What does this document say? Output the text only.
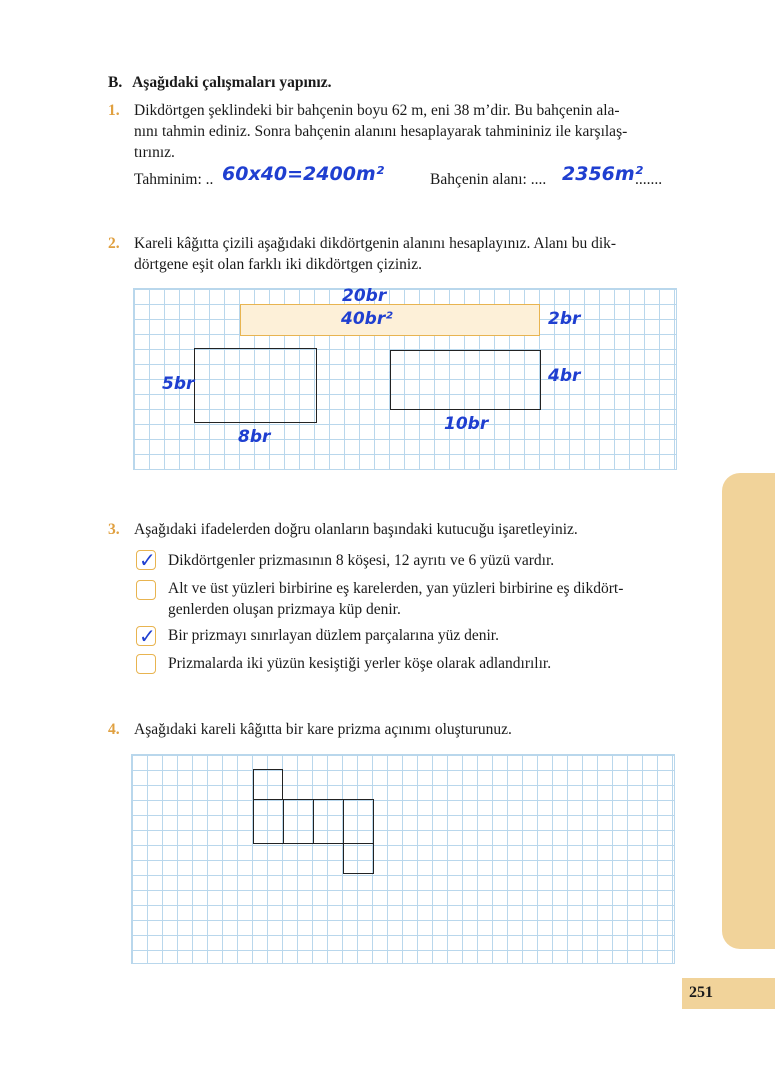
B. Aşağıdaki çalışmaları yapınız.
1. Dikdörtgen şeklindeki bir bahçenin boyu 62 m, eni 38 m’dir. Bu bahçenin ala-
nını tahmin ediniz. Sonra bahçenin alanını hesaplayarak tahmininiz ile karşılaş-
tırınız.
Tahminim: .. 60x40=2400m²	Bahçenin alanı: .... 2356m²
.......
2. Kareli kâğıtta çizili aşağıdaki dikdörtgenin alanını hesaplayınız. Alanı bu dik-
dörtgene eşit olan farklı iki dikdörtgen çiziniz.
20br
40br²	2br
5br
8br
4br
10br
3. Aşağıdaki ifadelerden doğru olanların başındaki kutucuğu işaretleyiniz.
✓ Dikdörtgenler prizmasının 8 köşesi, 12 ayrıtı ve 6 yüzü vardır.
Alt ve üst yüzleri birbirine eş karelerden, yan yüzleri birbirine eş dikdört-
genlerden oluşan prizmaya küp denir.
✓ Bir prizmayı sınırlayan düzlem parçalarına yüz denir.
Prizmalarda iki yüzün kesiştiği yerler köşe olarak adlandırılır.
4. Aşağıdaki kareli kâğıtta bir kare prizma açınımı oluşturunuz.
251
